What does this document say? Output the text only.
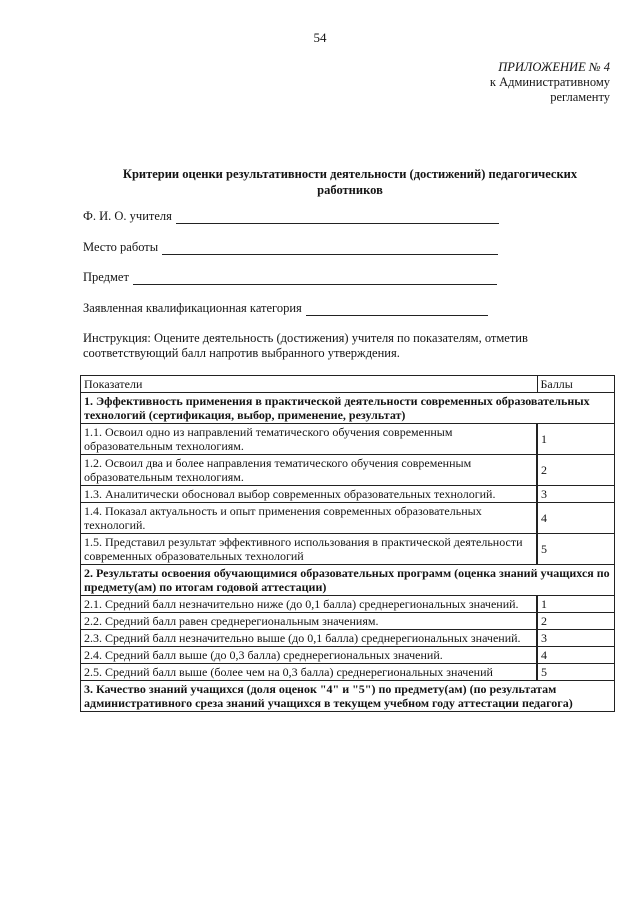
54
ПРИЛОЖЕНИЕ № 4
к Административному
регламенту
Критерии оценки результативности деятельности (достижений) педагогических
работников
Ф. И. О. учителя
Место работы
Предмет
Заявленная квалификационная категория
Инструкция: Оцените деятельность (достижения) учителя по показателям, отметив
соответствующий балл напротив выбранного утверждения.
Показатели	Баллы
1. Эффективность применения в практической деятельности современных образовательных технологий (сертификация, выбор, применение, результат)	
1.1. Освоил одно из направлений тематического обучения современным образовательным технологиям.	1
1.2. Освоил два и более направления тематического обучения современным образовательным технологиям.	2
1.3. Аналитически обосновал выбор современных образовательных технологий.	3
1.4. Показал актуальность и опыт применения современных образовательных технологий.	4
1.5. Представил результат эффективного использования в практической деятельности современных образовательных технологий	5
2. Результаты освоения обучающимися образовательных программ (оценка знаний учащихся по предмету(ам) по итогам годовой аттестации)	
2.1. Средний балл незначительно ниже (до 0,1 балла) среднерегиональных значений.	1
2.2. Средний балл равен среднерегиональным значениям.	2
2.3. Средний балл незначительно выше (до 0,1 балла) среднерегиональных значений.	3
2.4. Средний балл выше (до 0,3 балла) среднерегиональных значений.	4
2.5. Средний балл выше (более чем на 0,3 балла) среднерегиональных значений	5
3. Качество знаний учащихся (доля оценок "4" и "5") по предмету(ам) (по результатам административного среза знаний учащихся в текущем учебном году аттестации педагога)	
